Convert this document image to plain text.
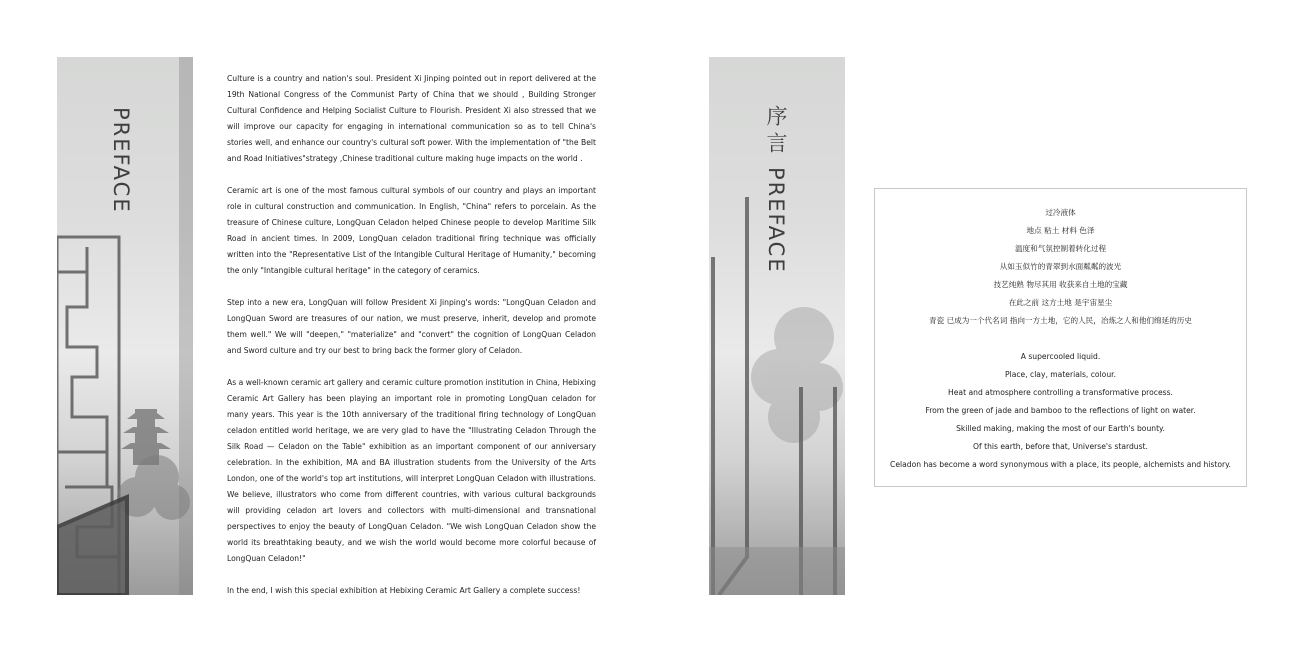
PREFACE

Culture is a country and nation's soul. President Xi Jinping pointed out in report delivered at the 19th National Congress of the Communist Party of China that we should , Building Stronger Cultural Confidence and Helping Socialist Culture to Flourish. President Xi also stressed that we will improve our capacity for engaging in international communication so as to tell China's stories well, and enhance our country's cultural soft power. With the implementation of "the Belt and Road Initiatives"strategy ,Chinese traditional culture making huge impacts on the world .

Ceramic art is one of the most famous cultural symbols of our country and plays an important role in cultural construction and communication. In English, "China" refers to porcelain. As the treasure of Chinese culture, LongQuan Celadon helped Chinese people to develop Maritime Silk Road in ancient times. In 2009, LongQuan celadon traditional firing technique was officially written into the "Representative List of the Intangible Cultural Heritage of Humanity," becoming the only "Intangible cultural heritage" in the category of ceramics.

Step into a new era, LongQuan will follow President Xi Jinping's words: "LongQuan Celadon and LongQuan Sword are treasures of our nation, we must preserve, inherit, develop and promote them well." We will "deepen," "materialize" and "convert" the cognition of LongQuan Celadon and Sword culture and try our best to bring back the former glory of Celadon.

As a well-known ceramic art gallery and ceramic culture promotion institution in China, Hebixing Ceramic Art Gallery has been playing an important role in promoting LongQuan celadon for many years. This year is the 10th anniversary of the traditional firing technology of LongQuan celadon entitled world heritage, we are very glad to have the "Illustrating Celadon Through the Silk Road — Celadon on the Table" exhibition as an important component of our anniversary celebration. In the exhibition, MA and BA illustration students from the University of the Arts London, one of the world's top art institutions, will interpret LongQuan Celadon with illustrations. We believe, illustrators who come from different countries, with various cultural backgrounds will providing celadon art lovers and collectors with multi-dimensional and transnational perspectives to enjoy the beauty of LongQuan Celadon. "We wish LongQuan Celadon show the world its breathtaking beauty, and we wish the world would become more colorful because of LongQuan Celadon!"

In the end, I wish this special exhibition at Hebixing Ceramic Art Gallery a complete success!

序言PREFACE	过冷液体
地点 粘土 材料 色泽
温度和气氛控制着转化过程
从如玉似竹的青翠到水面粼粼的波光
技艺纯熟 物尽其用 收获来自土地的宝藏
在此之前 这方土地 是宇宙星尘
青瓷 已成为一个代名词 指向一方土地，它的人民，冶炼之人和他们绵延的历史
A supercooled liquid.
Place, clay, materials, colour.
Heat and atmosphere controlling a transformative process.
From the green of jade and bamboo to the reflections of light on water.
Skilled making, making the most of our Earth's bounty.
Of this earth, before that, Universe's stardust.
Celadon has become a word synonymous with a place, its people, alchemists and history.
